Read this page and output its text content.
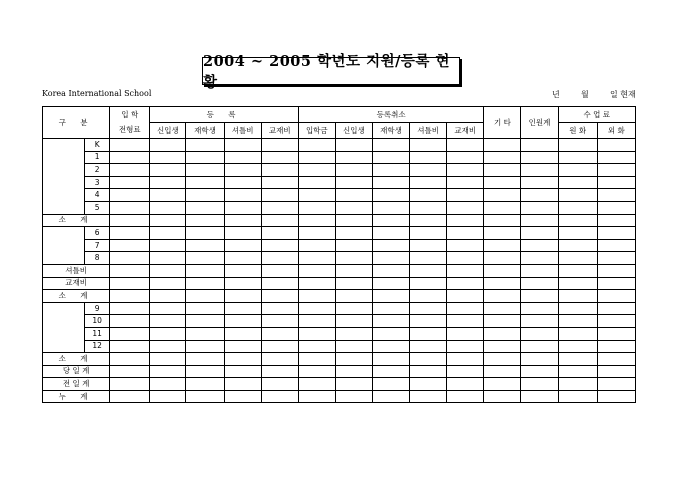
2004 ~ 2005 학년도 지원/등록 현황
Korea International School	년	월	일 현재
구 분		입 학	등 록				등록취소					기 타	인원계	수 업 료	
		전형료	신입생	재학생	셔틀비	교재비	입학금	신입생	재학생	셔틀비	교재비			원 화	외 화
	K														
	1														
	2														
	3														
	4														
	5														
소 계															
	6														
	7														
	8														
셔틀비															
교재비															
소 계															
	9														
	10														
	11														
	12														
소 계															
당 일 계															
전 일 계															
누 계															
